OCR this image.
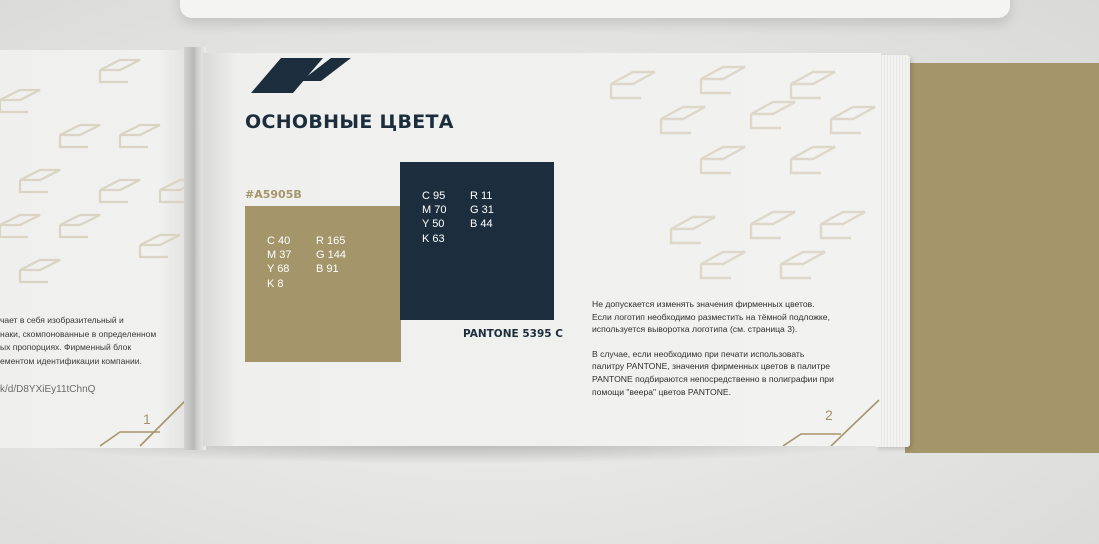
чает в себя изобразительный и
наки, скомпонованные в определенном
ых пропорциях. Фирменный блок
ементом идентификации компании.
k/d/D8YXiEy11tChnQ
1
ОСНОВНЫЕ ЦВЕТА
#A5905B
C 40
M 37
Y 68
K 8
R 165
G 144
B 91
C 95
M 70
Y 50
K 63
R 11
G 31
B 44
PANTONE 5395 C

Не допускается изменять значения фирменных цветов.

Если логотип необходимо разместить на тёмной подложке,

используется выворотка логотипа (см. страница 3).

В случае, если необходимо при печати использовать

палитру PANTONE, значения фирменных цветов в палитре

PANTONE подбираются непосредственно в полиграфии при

помощи "веера" цветов PANTONE.

2
